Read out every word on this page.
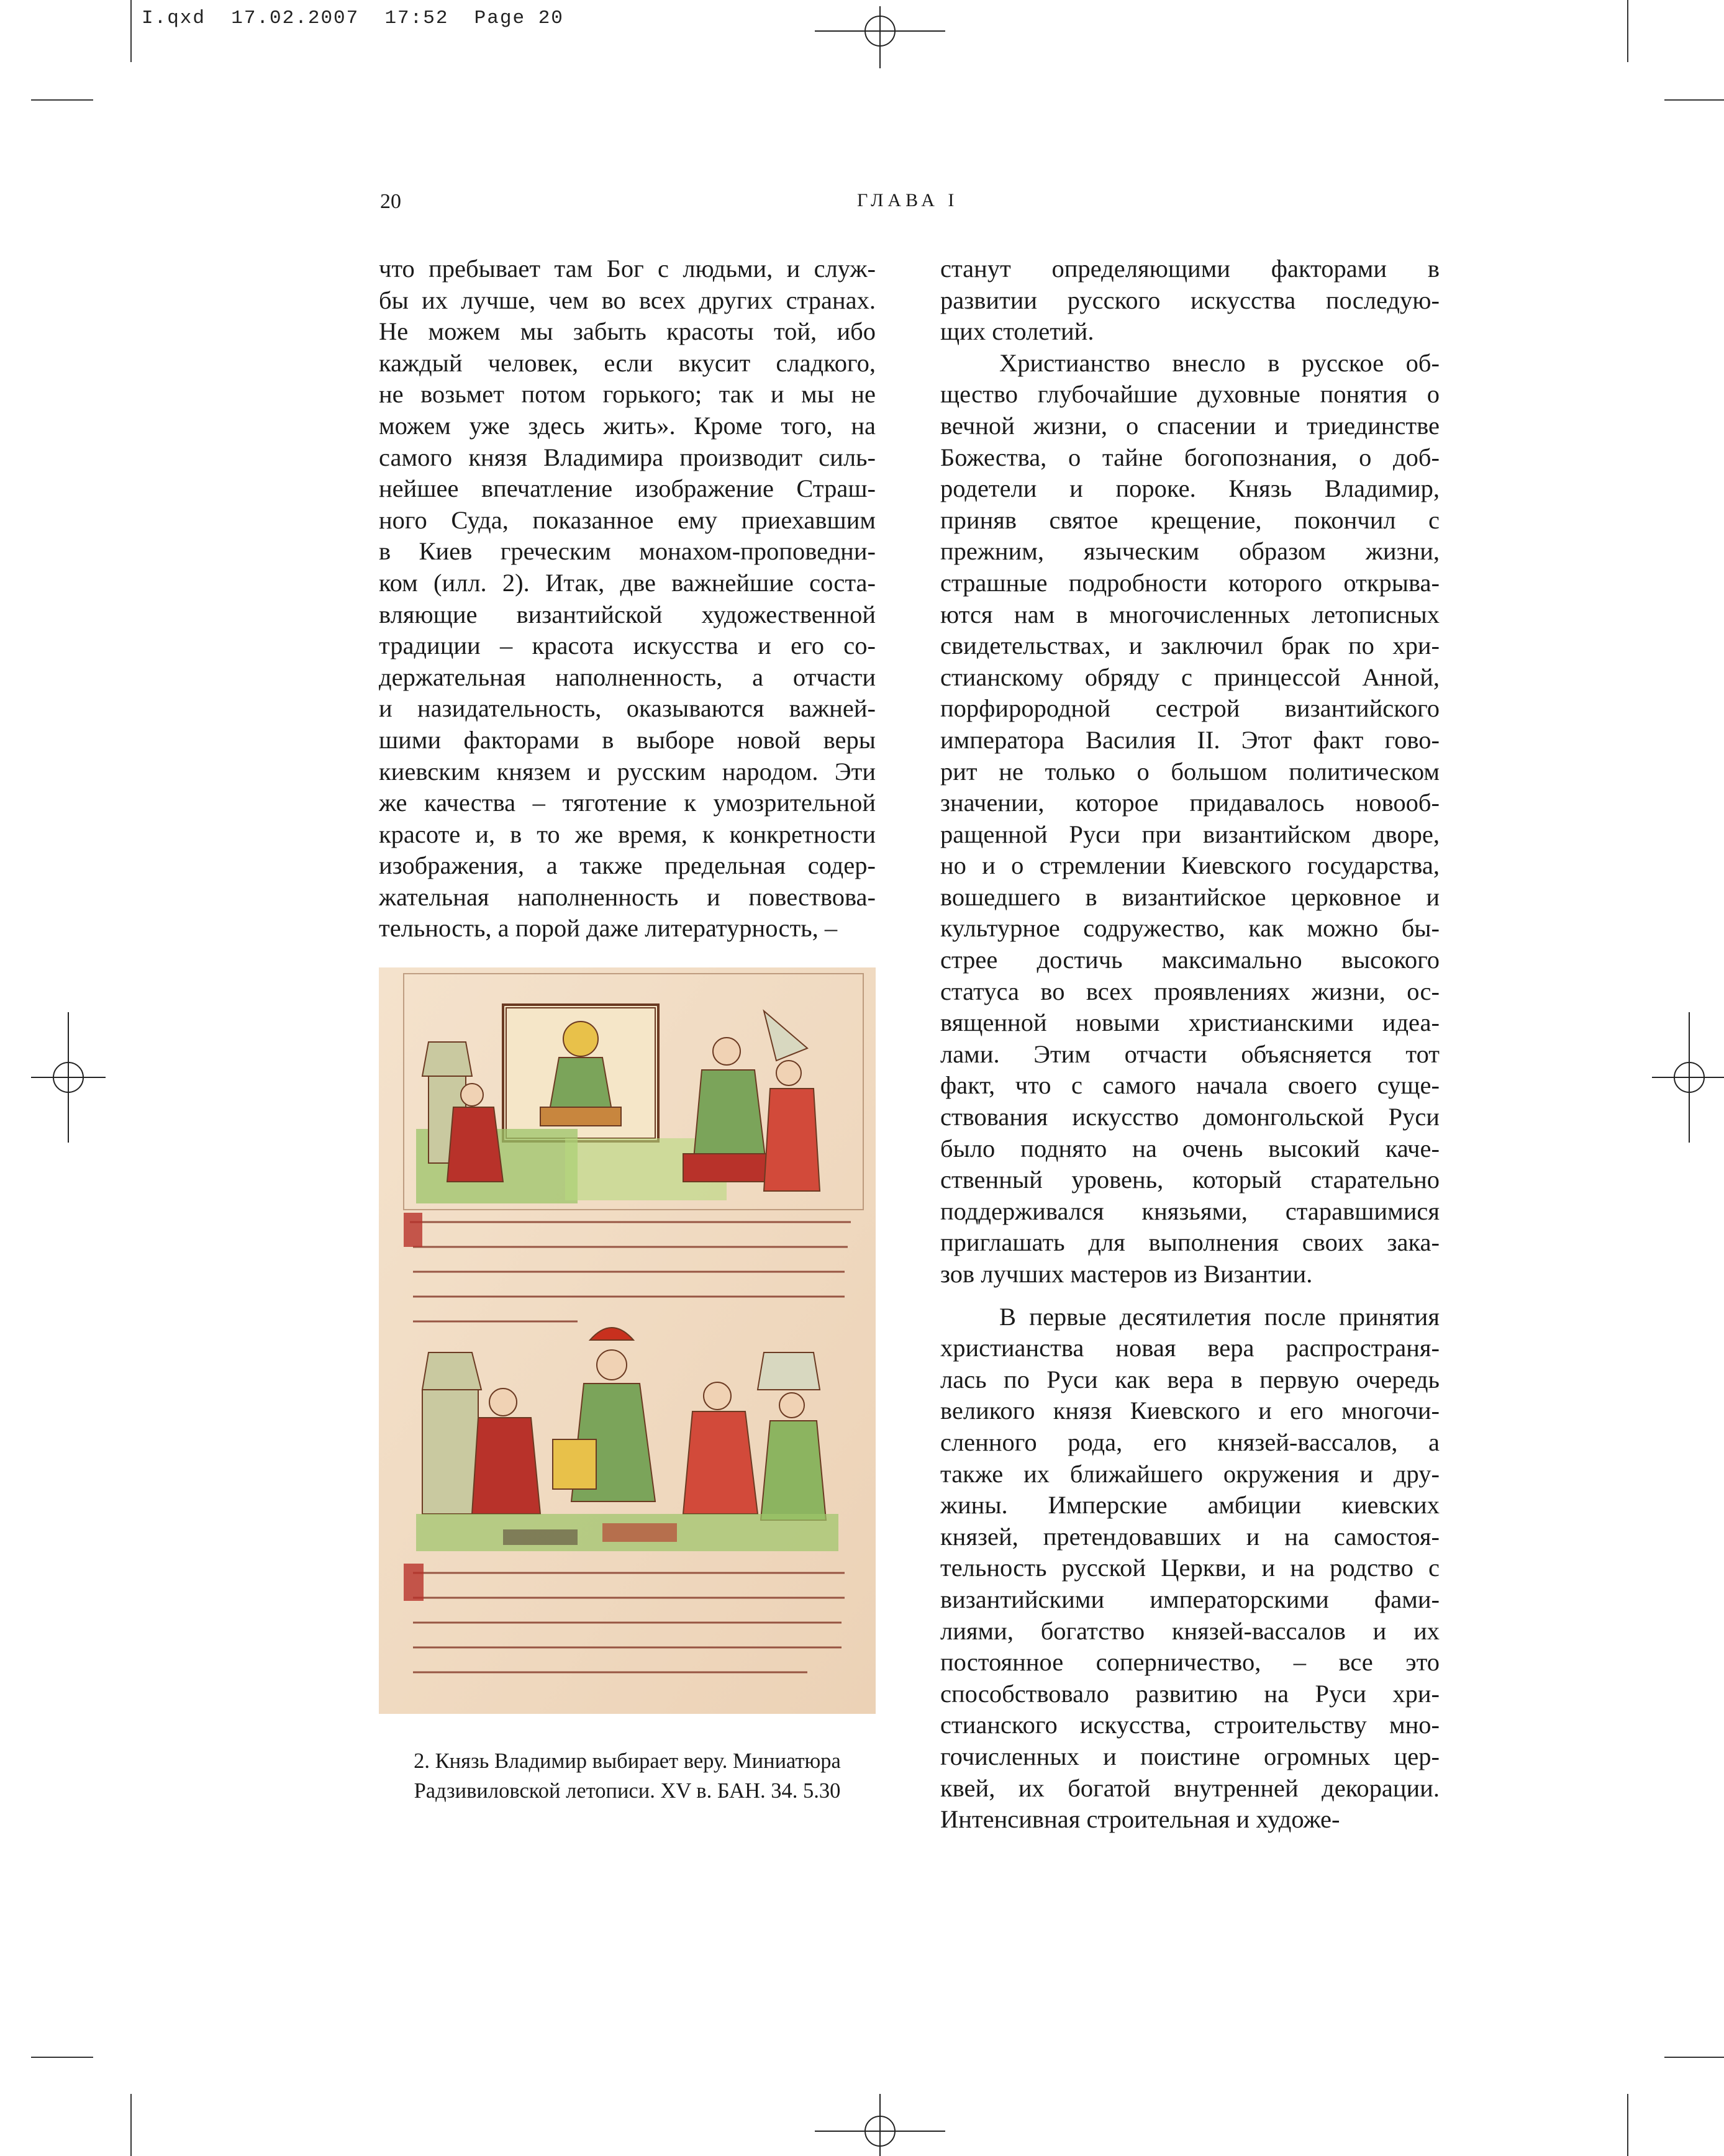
I.qxd  17.02.2007  17:52  Page 20
20	ГЛАВА I

что пребывает там Бог с людьми, и служ-
бы их лучше, чем во всех других странах.
Не можем мы забыть красоты той, ибо
каждый человек, если вкусит сладкого,
не возьмет потом горького; так и мы не
можем уже здесь жить». Кроме того, на
самого князя Владимира производит силь-
нейшее впечатление изображение Страш-
ного Суда, показанное ему приехавшим
в Киев греческим монахом-проповедни-
ком (илл. 2). Итак, две важнейшие соста-
вляющие византийской художественной
традиции – красота искусства и его со-
держательная наполненность, а отчасти
и назидательность, оказываются важней-
шими факторами в выборе новой веры
киевским князем и русским народом. Эти
же качества – тяготение к умозрительной
красоте и, в то же время, к конкретности
изображения, а также предельная содер-
жательная наполненность и повествова-
тельность, а порой даже литературность, –

станут определяющими факторами в
развитии русского искусства последую-
щих столетий.

Христианство внесло в русское об-
щество глубочайшие духовные понятия о
вечной жизни, о спасении и триединстве
Божества, о тайне богопознания, о доб-
родетели и пороке. Князь Владимир,
приняв святое крещение, покончил с
прежним, языческим образом жизни,
страшные подробности которого открыва-
ются нам в многочисленных летописных
свидетельствах, и заключил брак по хри-
стианскому обряду с принцессой Анной,
порфирородной сестрой византийского
императора Василия II. Этот факт гово-
рит не только о большом политическом
значении, которое придавалось новооб-
ращенной Руси при византийском дворе,
но и о стремлении Киевского государства,
вошедшего в византийское церковное и
культурное содружество, как можно бы-
стрее достичь максимально высокого
статуса во всех проявлениях жизни, ос-
вященной новыми христианскими идеа-
лами. Этим отчасти объясняется тот
факт, что с самого начала своего суще-
ствования искусство домонгольской Руси
было поднято на очень высокий каче-
ственный уровень, который старательно
поддерживался князьями, старавшимися
приглашать для выполнения своих зака-
зов лучших мастеров из Византии.

В первые десятилетия после принятия
христианства новая вера распространя-
лась по Руси как вера в первую очередь
великого князя Киевского и его многочи-
сленного рода, его князей-вассалов, а
также их ближайшего окружения и дру-
жины. Имперские амбиции киевских
князей, претендовавших и на самостоя-
тельность русской Церкви, и на родство с
византийскими императорскими фами-
лиями, богатство князей-вассалов и их
постоянное соперничество, – все это
способствовало развитию на Руси хри-
стианского искусства, строительству мно-
гочисленных и поистине огромных цер-
квей, их богатой внутренней декорации.
Интенсивная строительная и художе-

2. Князь Владимир выбирает веру. Миниатюра
Радзивиловской летописи. XV в. БАН. 34. 5.30
